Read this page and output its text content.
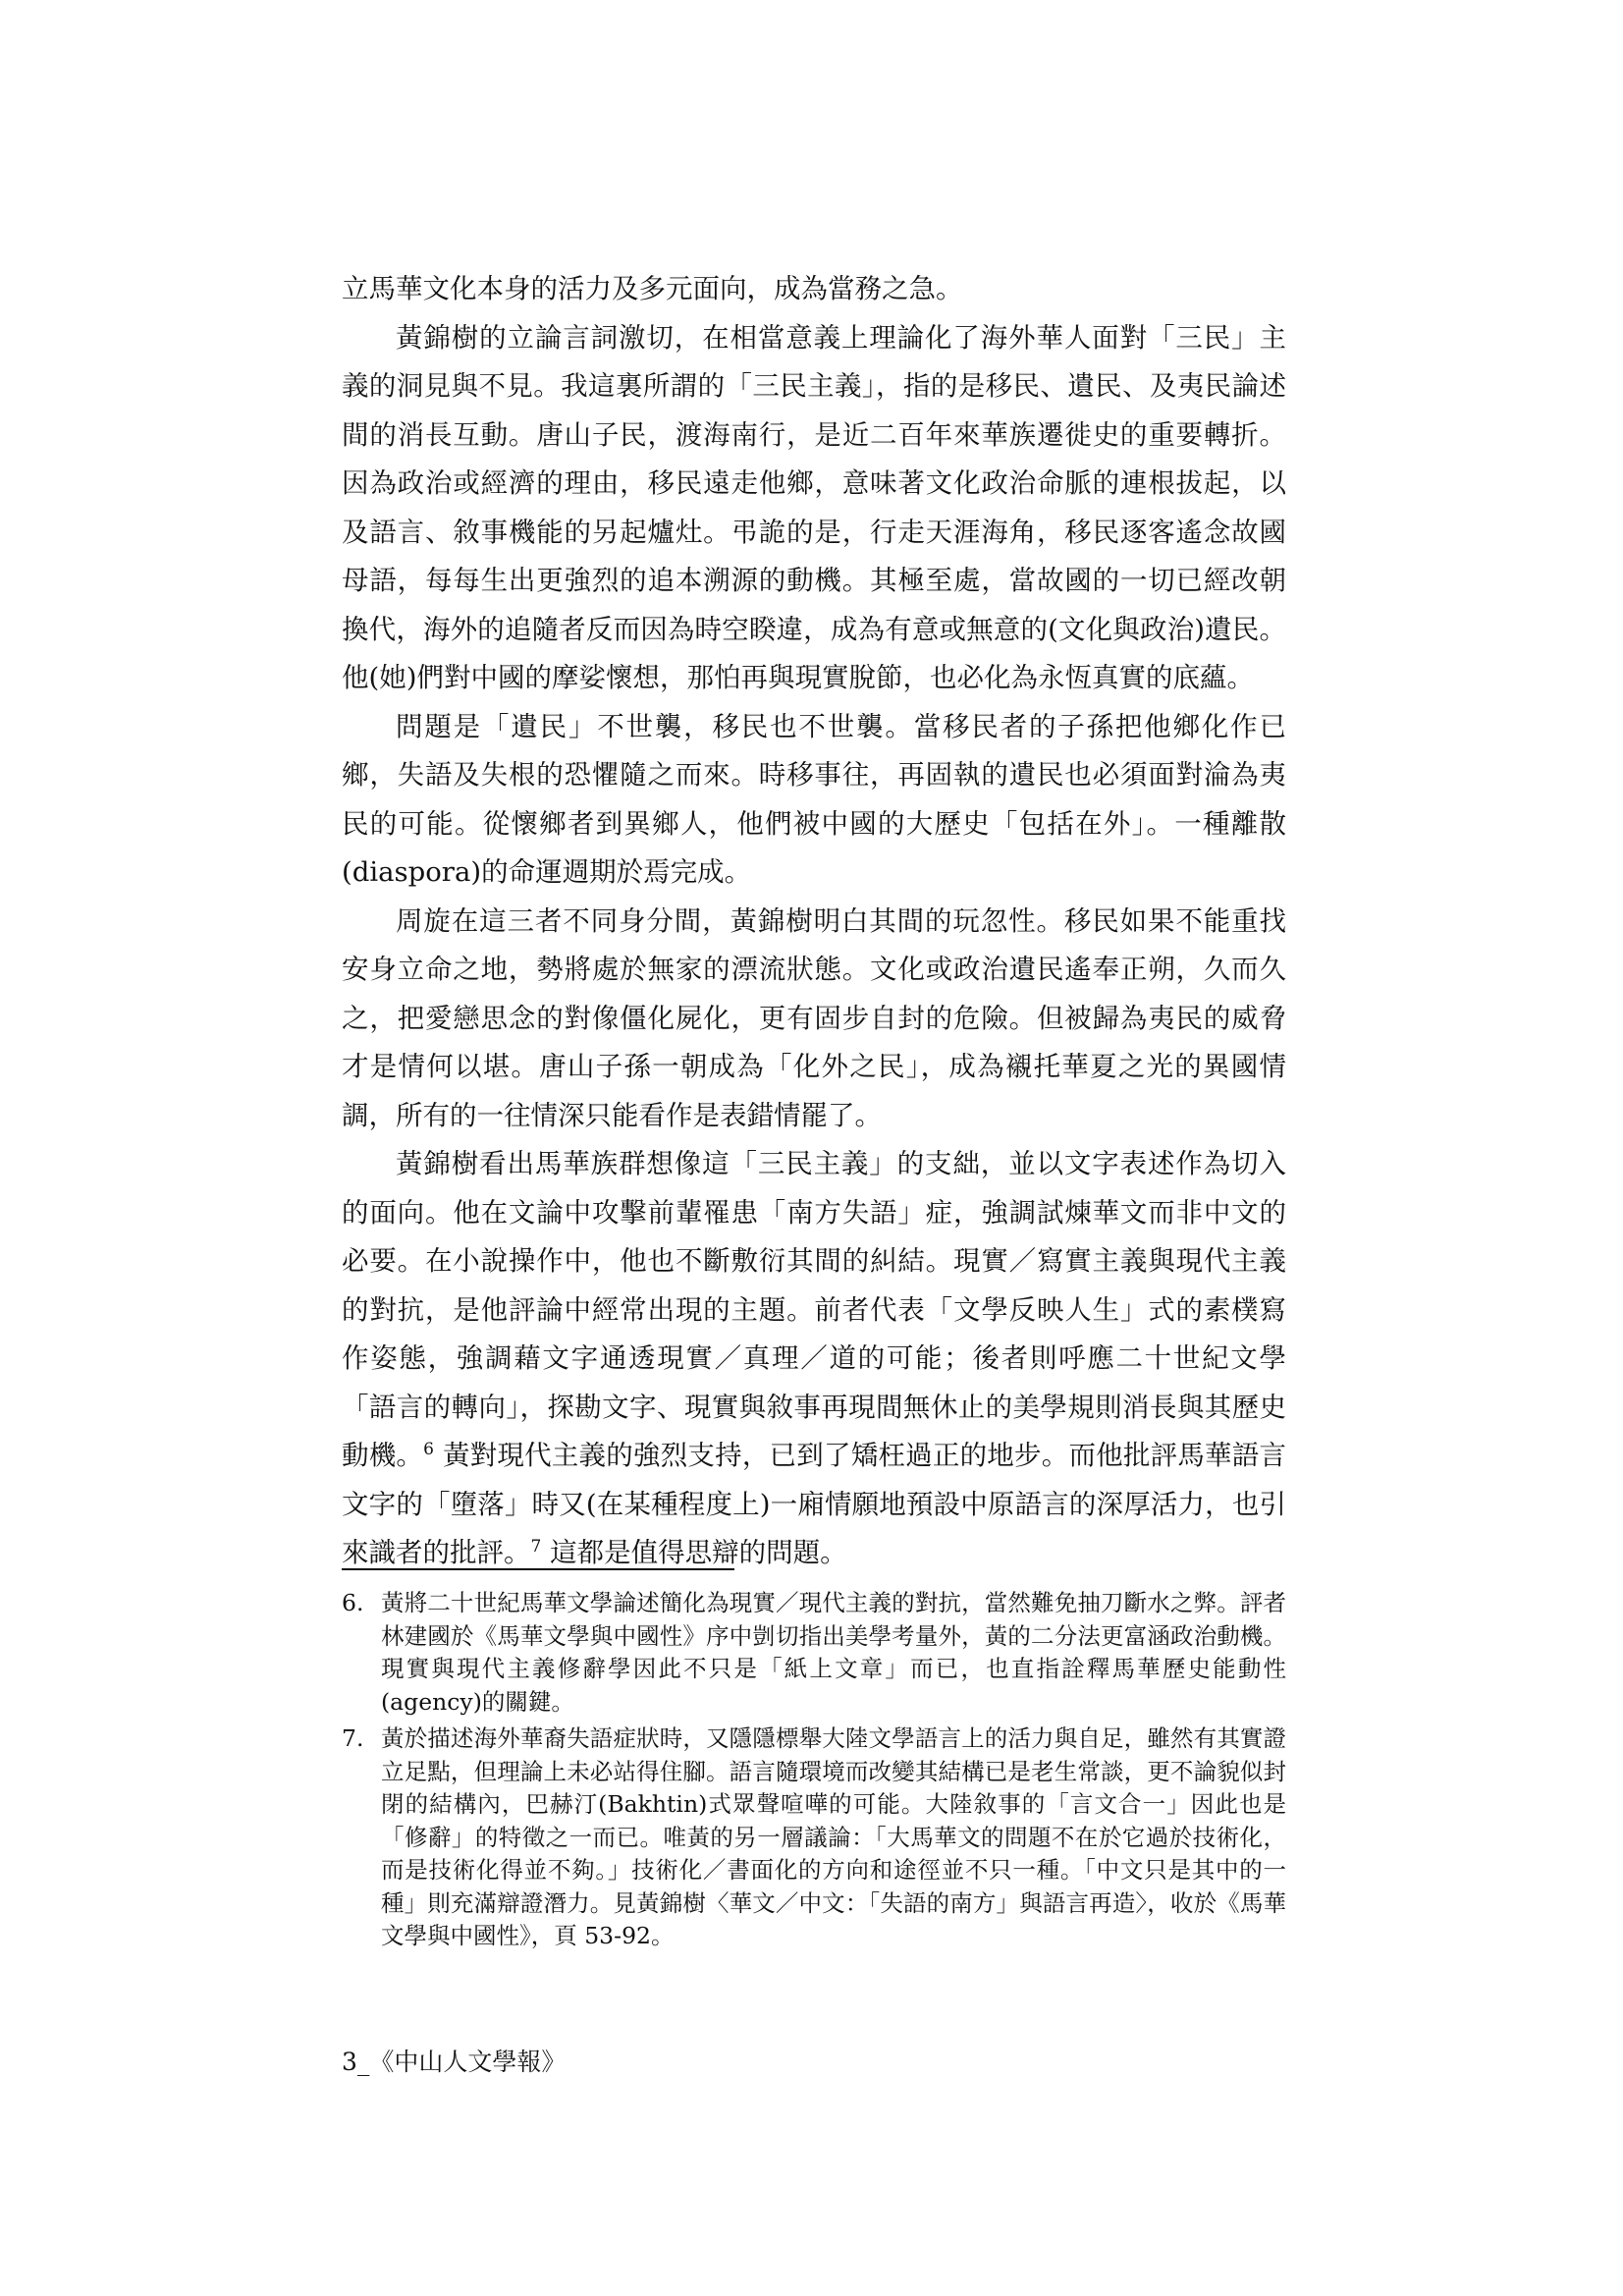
立馬華文化本身的活力及多元面向，成為當務之急。

黃錦樹的立論言詞激切，在相當意義上理論化了海外華人面對「三民」主義的洞見與不見。我這裏所謂的「三民主義」，指的是移民、遺民、及夷民論述間的消長互動。唐山子民，渡海南行，是近二百年來華族遷徙史的重要轉折。因為政治或經濟的理由，移民遠走他鄉，意味著文化政治命脈的連根拔起，以及語言、敘事機能的另起爐灶。弔詭的是，行走天涯海角，移民逐客遙念故國母語，每每生出更強烈的追本溯源的動機。其極至處，當故國的一切已經改朝換代，海外的追隨者反而因為時空睽違，成為有意或無意的(文化與政治)遺民。他(她)們對中國的摩娑懷想，那怕再與現實脫節，也必化為永恆真實的底蘊。

問題是「遺民」不世襲，移民也不世襲。當移民者的子孫把他鄉化作已鄉，失語及失根的恐懼隨之而來。時移事往，再固執的遺民也必須面對淪為夷民的可能。從懷鄉者到異鄉人，他們被中國的大歷史「包括在外」。一種離散(diaspora)的命運週期於焉完成。

周旋在這三者不同身分間，黃錦樹明白其間的玩忽性。移民如果不能重找安身立命之地，勢將處於無家的漂流狀態。文化或政治遺民遙奉正朔，久而久之，把愛戀思念的對像僵化屍化，更有固步自封的危險。但被歸為夷民的威脅才是情何以堪。唐山子孫一朝成為「化外之民」，成為襯托華夏之光的異國情調，所有的一往情深只能看作是表錯情罷了。

黃錦樹看出馬華族群想像這「三民主義」的支絀，並以文字表述作為切入的面向。他在文論中攻擊前輩罹患「南方失語」症，強調試煉華文而非中文的必要。在小說操作中，他也不斷敷衍其間的糾結。現實／寫實主義與現代主義的對抗，是他評論中經常出現的主題。前者代表「文學反映人生」式的素樸寫作姿態，強調藉文字通透現實／真理／道的可能；後者則呼應二十世紀文學「語言的轉向」，探勘文字、現實與敘事再現間無休止的美學規則消長與其歷史動機。$^6$ 黃對現代主義的強烈支持，已到了矯枉過正的地步。而他批評馬華語言文字的「墮落」時又(在某種程度上)一廂情願地預設中原語言的深厚活力，也引來識者的批評。$^7$ 這都是值得思辯的問題。

6. 黃將二十世紀馬華文學論述簡化為現實／現代主義的對抗，當然難免抽刀斷水之弊。評者林建國於《馬華文學與中國性》序中剴切指出美學考量外，黃的二分法更富涵政治動機。現實與現代主義修辭學因此不只是「紙上文章」而已，也直指詮釋馬華歷史能動性(agency)的關鍵。
7. 黃於描述海外華裔失語症狀時，又隱隱標舉大陸文學語言上的活力與自足，雖然有其實證立足點，但理論上未必站得住腳。語言隨環境而改變其結構已是老生常談，更不論貌似封閉的結構內，巴赫汀(Bakhtin)式眾聲喧嘩的可能。大陸敘事的「言文合一」因此也是「修辭」的特徵之一而已。唯黃的另一層議論：「大馬華文的問題不在於它過於技術化，而是技術化得並不夠。」技術化／書面化的方向和途徑並不只一種。「中文只是其中的一種」則充滿辯證潛力。見黃錦樹〈華文／中文：「失語的南方」與語言再造〉，收於《馬華文學與中國性》，頁 53-92。
3_《中山人文學報》
